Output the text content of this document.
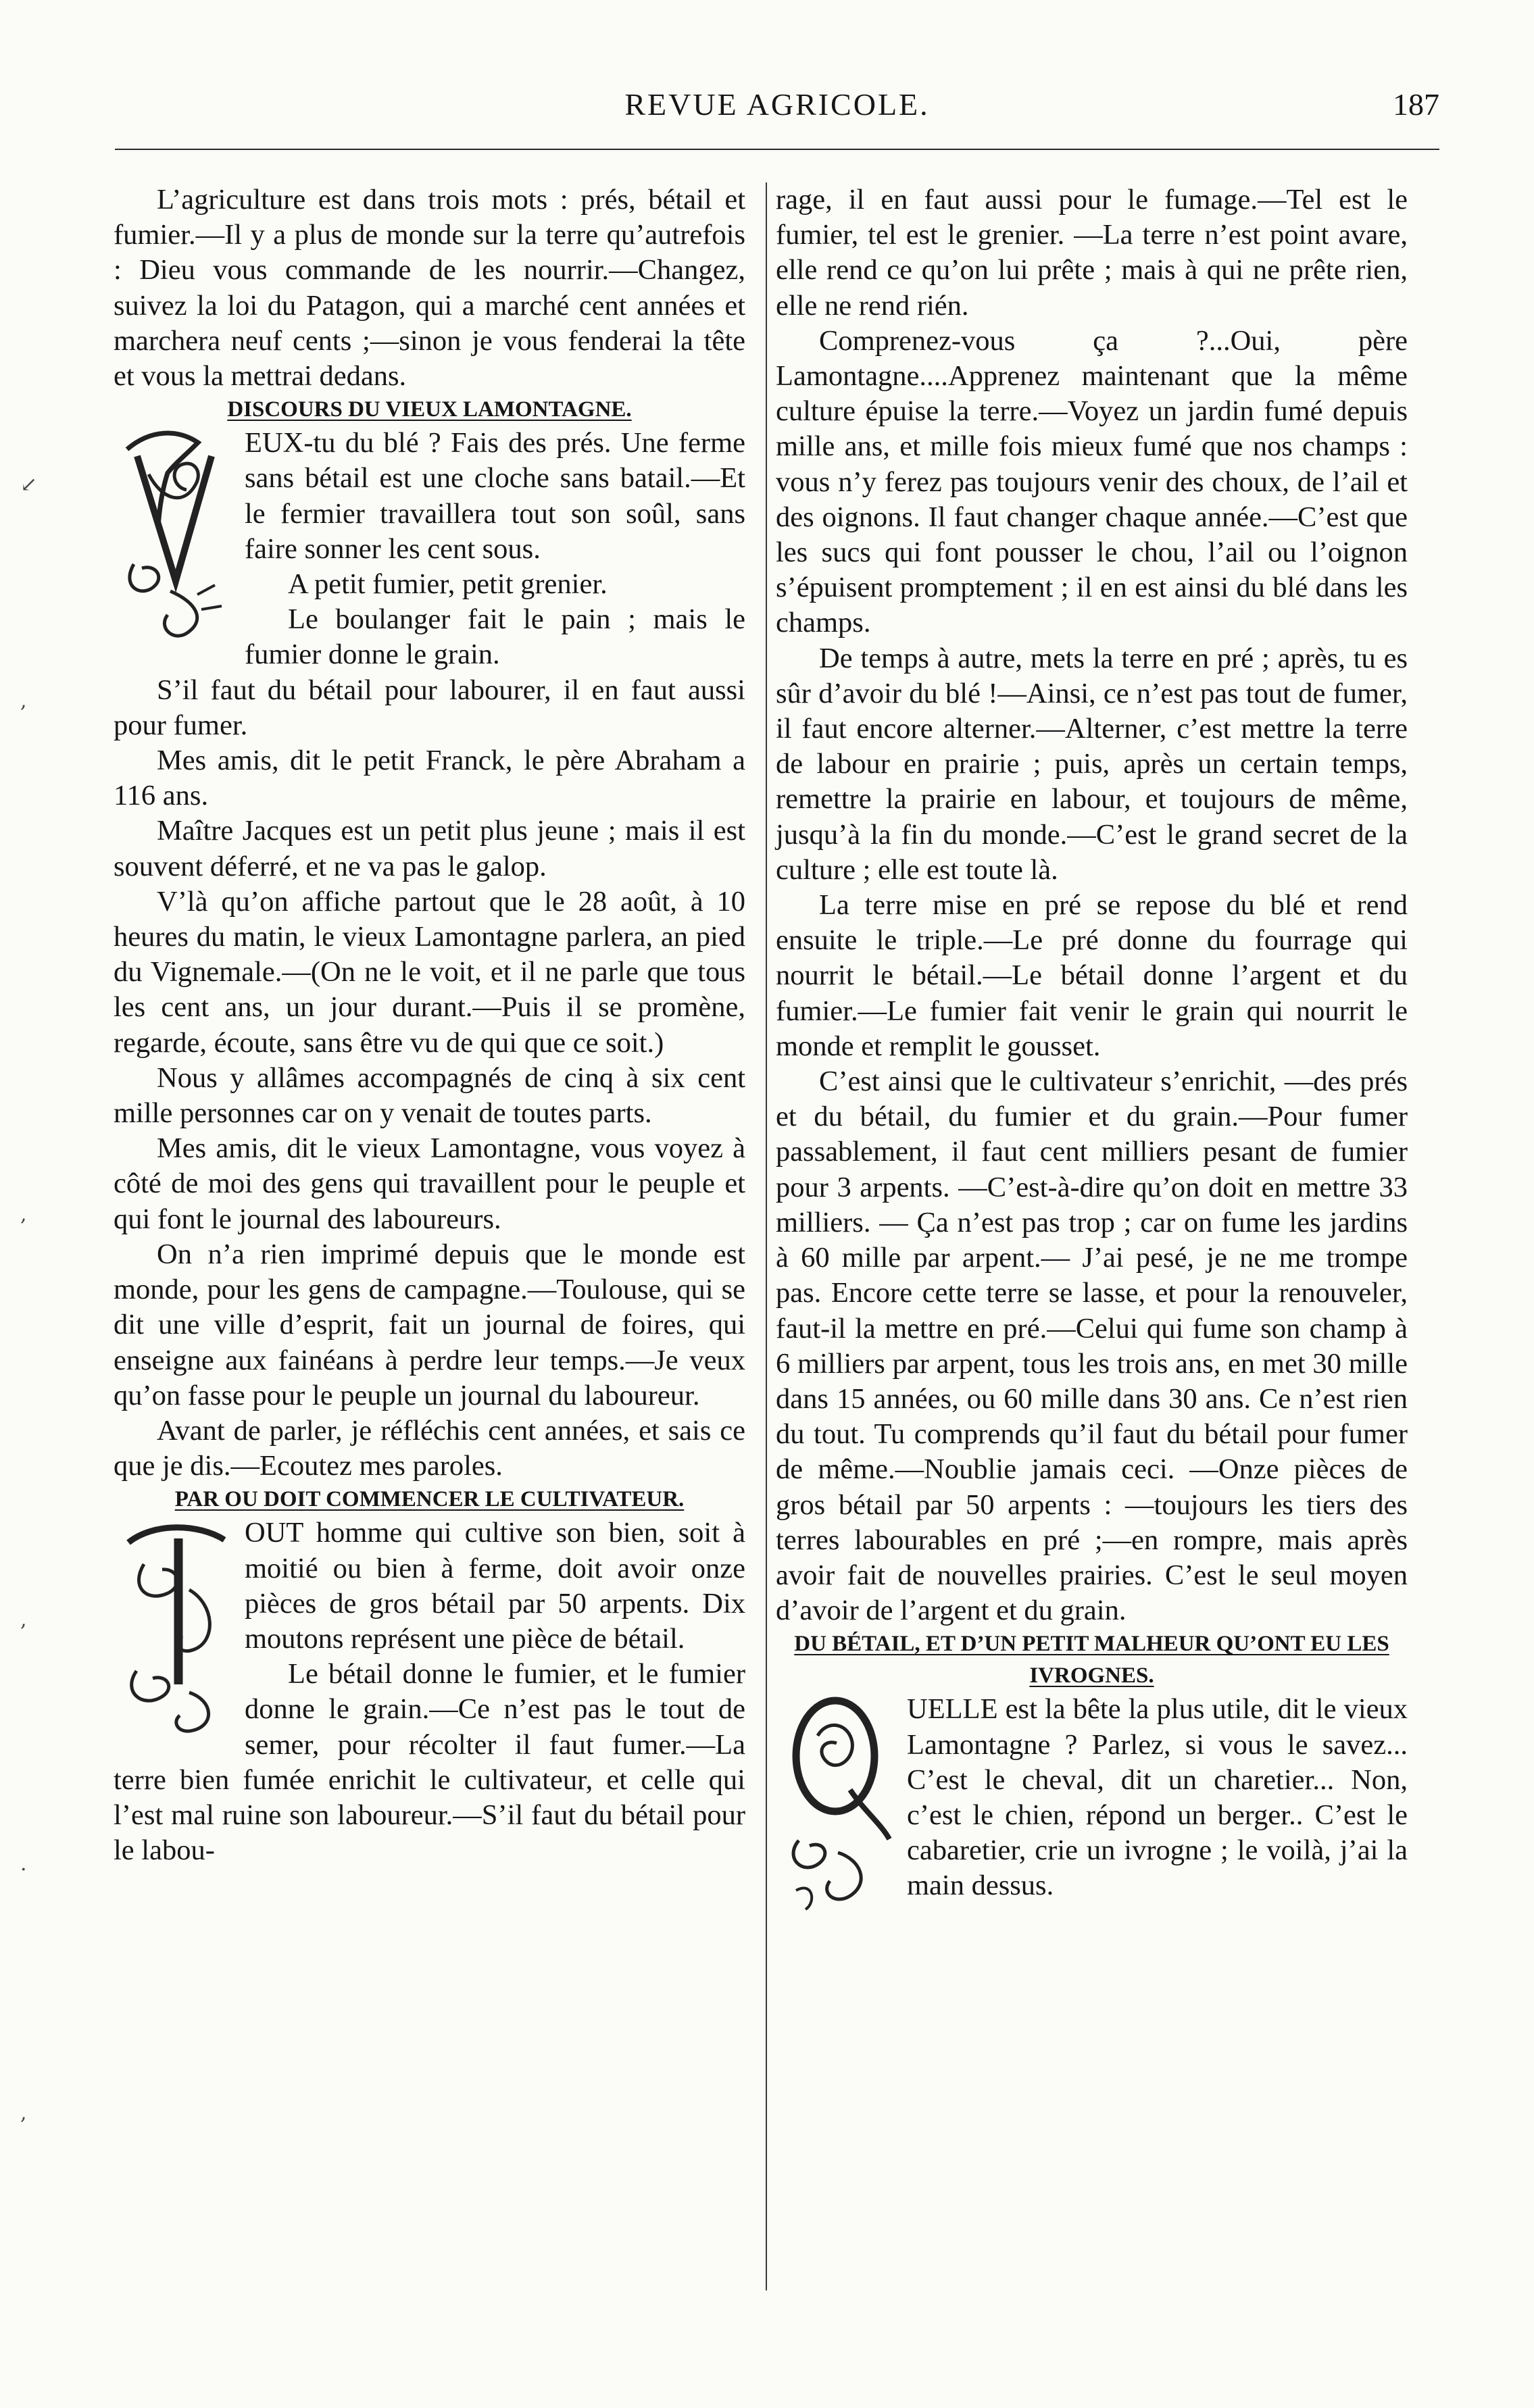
REVUE AGRICOLE.	187

L’agriculture est dans trois mots : prés, bétail et fumier.—Il y a plus de monde sur la terre qu’autrefois : Dieu vous commande de les nourrir.—Changez, suivez la loi du Patagon, qui a marché cent années et marchera neuf cents ;—sinon je vous fenderai la tête et vous la mettrai dedans.

DISCOURS DU VIEUX LAMONTAGNE.

EUX-tu du blé ? Fais des prés. Une ferme sans bétail est une cloche sans batail.—Et le fermier travaillera tout son soûl, sans faire sonner les cent sous.

A petit fumier, petit grenier.

Le boulanger fait le pain ; mais le fumier donne le grain.

S’il faut du bétail pour labourer, il en faut aussi pour fumer.

Mes amis, dit le petit Franck, le père Abraham a 116 ans.

Maître Jacques est un petit plus jeune ; mais il est souvent déferré, et ne va pas le galop.

V’là qu’on affiche partout que le 28 août, à 10 heures du matin, le vieux Lamontagne parlera, an pied du Vignemale.—(On ne le voit, et il ne parle que tous les cent ans, un jour durant.—Puis il se promène, regarde, écoute, sans être vu de qui que ce soit.)

Nous y allâmes accompagnés de cinq à six cent mille personnes car on y venait de toutes parts.

Mes amis, dit le vieux Lamontagne, vous voyez à côté de moi des gens qui travaillent pour le peuple et qui font le journal des laboureurs.

On n’a rien imprimé depuis que le monde est monde, pour les gens de campagne.—Toulouse, qui se dit une ville d’esprit, fait un journal de foires, qui enseigne aux fainéans à perdre leur temps.—Je veux qu’on fasse pour le peuple un journal du laboureur.

Avant de parler, je réfléchis cent années, et sais ce que je dis.—Ecoutez mes paroles.

PAR OU DOIT COMMENCER LE CULTIVATEUR.

OUT homme qui cultive son bien, soit à moitié ou bien à ferme, doit avoir onze pièces de gros bétail par 50 arpents. Dix moutons représent une pièce de bétail.

Le bétail donne le fumier, et le fumier donne le grain.—Ce n’est pas le tout de semer, pour récolter il faut fumer.—La terre bien fumée enrichit le cultivateur, et celle qui l’est mal ruine son laboureur.—S’il faut du bétail pour le labou-

rage, il en faut aussi pour le fumage.—Tel est le fumier, tel est le grenier. —La terre n’est point avare, elle rend ce qu’on lui prête ; mais à qui ne prête rien, elle ne rend rién.

Comprenez-vous ça ?...Oui, père Lamontagne....Apprenez maintenant que la même culture épuise la terre.—Voyez un jardin fumé depuis mille ans, et mille fois mieux fumé que nos champs : vous n’y ferez pas toujours venir des choux, de l’ail et des oignons. Il faut changer chaque année.—C’est que les sucs qui font pousser le chou, l’ail ou l’oignon s’épuisent promptement ; il en est ainsi du blé dans les champs.

De temps à autre, mets la terre en pré ; après, tu es sûr d’avoir du blé !—Ainsi, ce n’est pas tout de fumer, il faut encore alterner.—Alterner, c’est mettre la terre de labour en prairie ; puis, après un certain temps, remettre la prairie en labour, et toujours de même, jusqu’à la fin du monde.—C’est le grand secret de la culture ; elle est toute là.

La terre mise en pré se repose du blé et rend ensuite le triple.—Le pré donne du fourrage qui nourrit le bétail.—Le bétail donne l’argent et du fumier.—Le fumier fait venir le grain qui nourrit le monde et remplit le gousset.

C’est ainsi que le cultivateur s’enrichit, —des prés et du bétail, du fumier et du grain.—Pour fumer passablement, il faut cent milliers pesant de fumier pour 3 arpents. —C’est-à-dire qu’on doit en mettre 33 milliers. — Ça n’est pas trop ; car on fume les jardins à 60 mille par arpent.— J’ai pesé, je ne me trompe pas. Encore cette terre se lasse, et pour la renouveler, faut-il la mettre en pré.—Celui qui fume son champ à 6 milliers par arpent, tous les trois ans, en met 30 mille dans 15 années, ou 60 mille dans 30 ans. Ce n’est rien du tout. Tu comprends qu’il faut du bétail pour fumer de même.—Noublie jamais ceci. —Onze pièces de gros bétail par 50 arpents : —toujours les tiers des terres labourables en pré ;—en rompre, mais après avoir fait de nouvelles prairies. C’est le seul moyen d’avoir de l’argent et du grain.

DU BÉTAIL, ET D’UN PETIT MALHEUR QU’ONT EU LES IVROGNES.

UELLE est la bête la plus utile, dit le vieux Lamontagne ? Parlez, si vous le savez... C’est le cheval, dit un charetier... Non, c’est le chien, répond un berger.. C’est le cabaretier, crie un ivrogne ; le voilà, j’ai la main dessus.

↙
,
,
,
·
,
